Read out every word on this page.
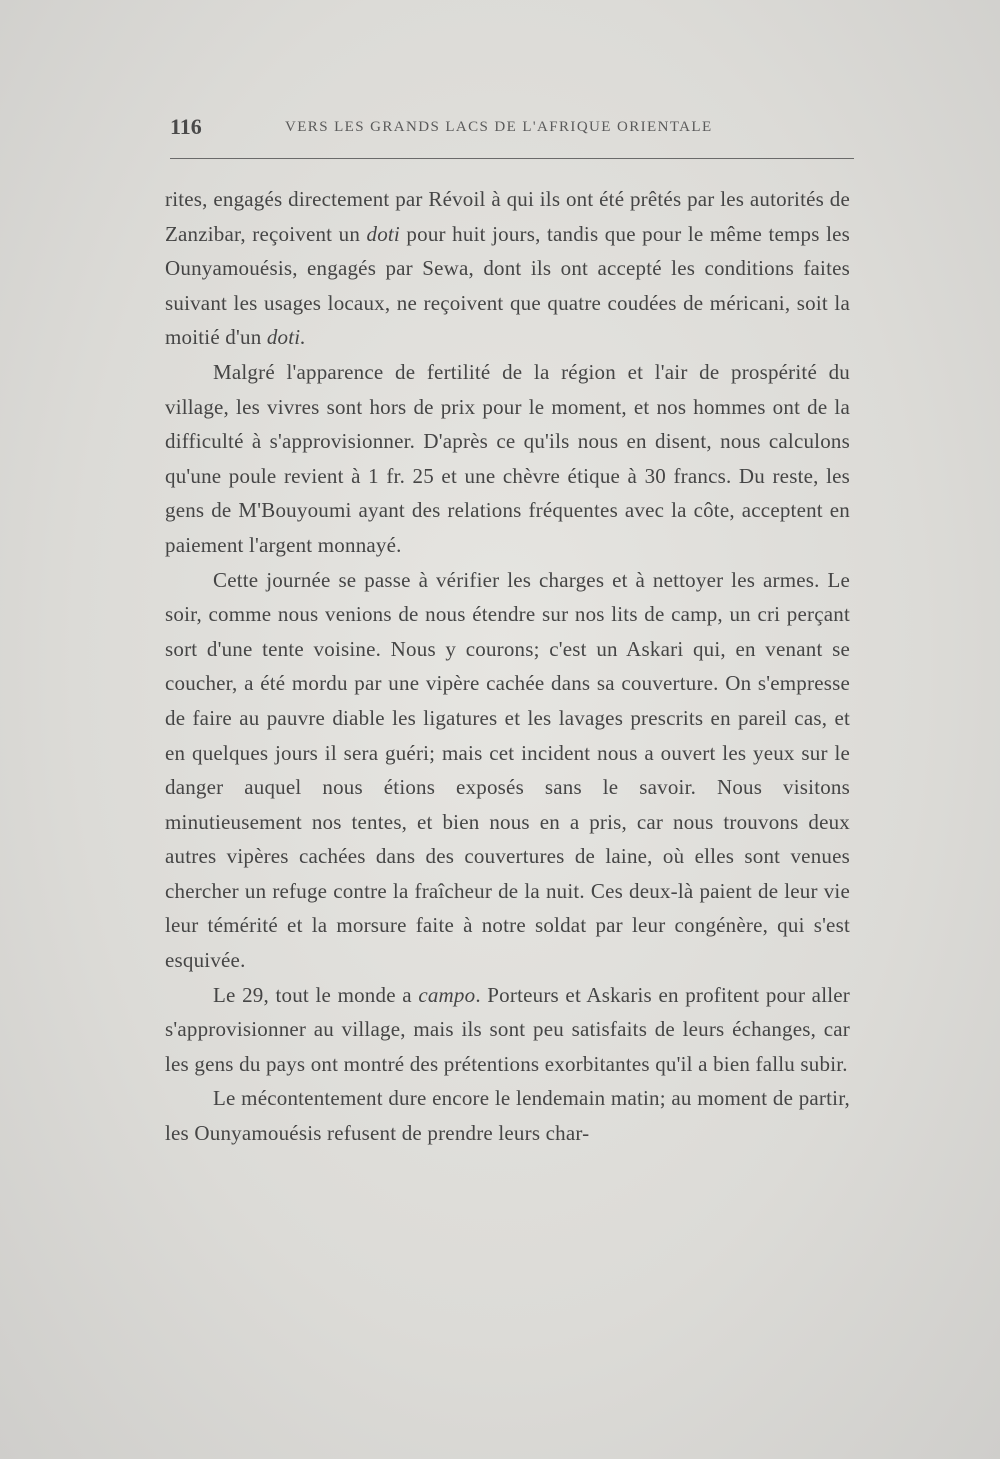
116	VERS LES GRANDS LACS DE L'AFRIQUE ORIENTALE

rites, engagés directement par Révoil à qui ils ont été prêtés par les autorités de Zanzibar, reçoivent un doti pour huit jours, tandis que pour le même temps les Ounyamouésis, engagés par Sewa, dont ils ont accepté les conditions faites suivant les usages locaux, ne reçoivent que quatre coudées de méricani, soit la moitié d'un doti.

Malgré l'apparence de fertilité de la région et l'air de prospérité du village, les vivres sont hors de prix pour le moment, et nos hommes ont de la difficulté à s'approvisionner. D'après ce qu'ils nous en disent, nous calculons qu'une poule revient à 1 fr. 25 et une chèvre étique à 30 francs. Du reste, les gens de M'Bouyoumi ayant des relations fréquentes avec la côte, acceptent en paiement l'argent monnayé.

Cette journée se passe à vérifier les charges et à nettoyer les armes. Le soir, comme nous venions de nous étendre sur nos lits de camp, un cri perçant sort d'une tente voisine. Nous y courons; c'est un Askari qui, en venant se coucher, a été mordu par une vipère cachée dans sa couverture. On s'empresse de faire au pauvre diable les ligatures et les lavages prescrits en pareil cas, et en quelques jours il sera guéri; mais cet incident nous a ouvert les yeux sur le danger auquel nous étions exposés sans le savoir. Nous visitons minutieusement nos tentes, et bien nous en a pris, car nous trouvons deux autres vipères cachées dans des couvertures de laine, où elles sont venues chercher un refuge contre la fraîcheur de la nuit. Ces deux-là paient de leur vie leur témérité et la morsure faite à notre soldat par leur congénère, qui s'est esquivée.

Le 29, tout le monde a campo. Porteurs et Askaris en profitent pour aller s'approvisionner au village, mais ils sont peu satisfaits de leurs échanges, car les gens du pays ont montré des prétentions exorbitantes qu'il a bien fallu subir.

Le mécontentement dure encore le lendemain matin; au moment de partir, les Ounyamouésis refusent de prendre leurs char-
